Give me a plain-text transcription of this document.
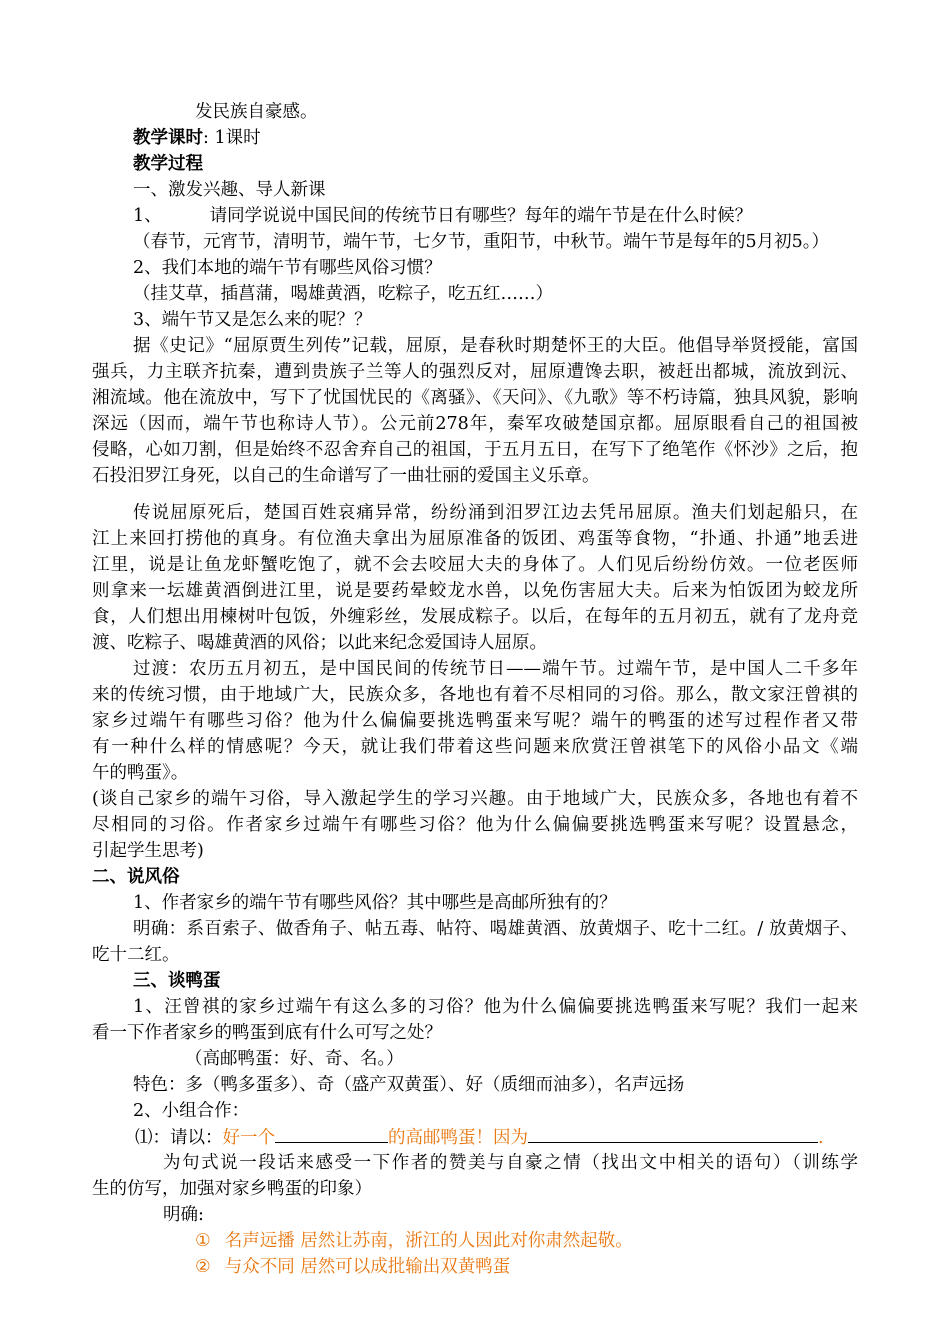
发民族自豪感。
教学课时: 1课时
教学过程
一、激发兴趣、导人新课
1、	请同学说说中国民间的传统节日有哪些？每年的端午节是在什么时候？
（春节，元宵节，清明节，端午节，七夕节，重阳节，中秋节。端午节是每年的5月初5。）
2、我们本地的端午节有哪些风俗习惯？
（挂艾草，插菖蒲，喝雄黄酒，吃粽子，吃五红……）
3、端午节又是怎么来的呢？？
据《史记》“屈原贾生列传”记载，屈原，是春秋时期楚怀王的大臣。他倡导举贤授能，富国
强兵，力主联齐抗秦，遭到贵族子兰等人的强烈反对，屈原遭馋去职，被赶出都城，流放到沅、
湘流域。他在流放中，写下了忧国忧民的《离骚》、《天问》、《九歌》等不朽诗篇，独具风貌，影响
深远（因而，端午节也称诗人节）。公元前278年，秦军攻破楚国京都。屈原眼看自己的祖国被
侵略，心如刀割，但是始终不忍舍弃自己的祖国，于五月五日，在写下了绝笔作《怀沙》之后，抱
石投汨罗江身死，以自己的生命谱写了一曲壮丽的爱国主义乐章。
传说屈原死后，楚国百姓哀痛异常，纷纷涌到汨罗江边去凭吊屈原。渔夫们划起船只，在
江上来回打捞他的真身。有位渔夫拿出为屈原准备的饭团、鸡蛋等食物，“扑通、扑通”地丢进
江里，说是让鱼龙虾蟹吃饱了，就不会去咬屈大夫的身体了。人们见后纷纷仿效。一位老医师
则拿来一坛雄黄酒倒进江里，说是要药晕蛟龙水兽，以免伤害屈大夫。后来为怕饭团为蛟龙所
食，人们想出用楝树叶包饭，外缠彩丝，发展成粽子。以后，在每年的五月初五，就有了龙舟竞
渡、吃粽子、喝雄黄酒的风俗；以此来纪念爱国诗人屈原。
过渡：农历五月初五，是中国民间的传统节日——端午节。过端午节，是中国人二千多年
来的传统习惯，由于地域广大，民族众多，各地也有着不尽相同的习俗。那么，散文家汪曾祺的
家乡过端午有哪些习俗？他为什么偏偏要挑选鸭蛋来写呢？端午的鸭蛋的述写过程作者又带
有一种什么样的情感呢？今天，就让我们带着这些问题来欣赏汪曾祺笔下的风俗小品文《端
午的鸭蛋》。
(谈自己家乡的端午习俗，导入激起学生的学习兴趣。由于地域广大，民族众多，各地也有着不
尽相同的习俗。作者家乡过端午有哪些习俗？他为什么偏偏要挑选鸭蛋来写呢？设置悬念，
引起学生思考)
二、说风俗
1、作者家乡的端午节有哪些风俗？其中哪些是高邮所独有的？
明确：系百索子、做香角子、帖五毒、帖符、喝雄黄酒、放黄烟子、吃十二红。/ 放黄烟子、
吃十二红。
三、谈鸭蛋
1、汪曾祺的家乡过端午有这么多的习俗？他为什么偏偏要挑选鸭蛋来写呢？我们一起来
看一下作者家乡的鸭蛋到底有什么可写之处？
（高邮鸭蛋：好、奇、名。）
特色：多（鸭多蛋多）、奇（盛产双黄蛋）、好（质细而油多），名声远扬
2、小组合作：
⑴：请以：好一个	的高邮鸭蛋！因为	.
为句式说一段话来感受一下作者的赞美与自豪之情（找出文中相关的语句）（训练学
生的仿写，加强对家乡鸭蛋的印象）
明确:
① 名声远播 居然让苏南，浙江的人因此对你肃然起敬。
② 与众不同 居然可以成批输出双黄鸭蛋
